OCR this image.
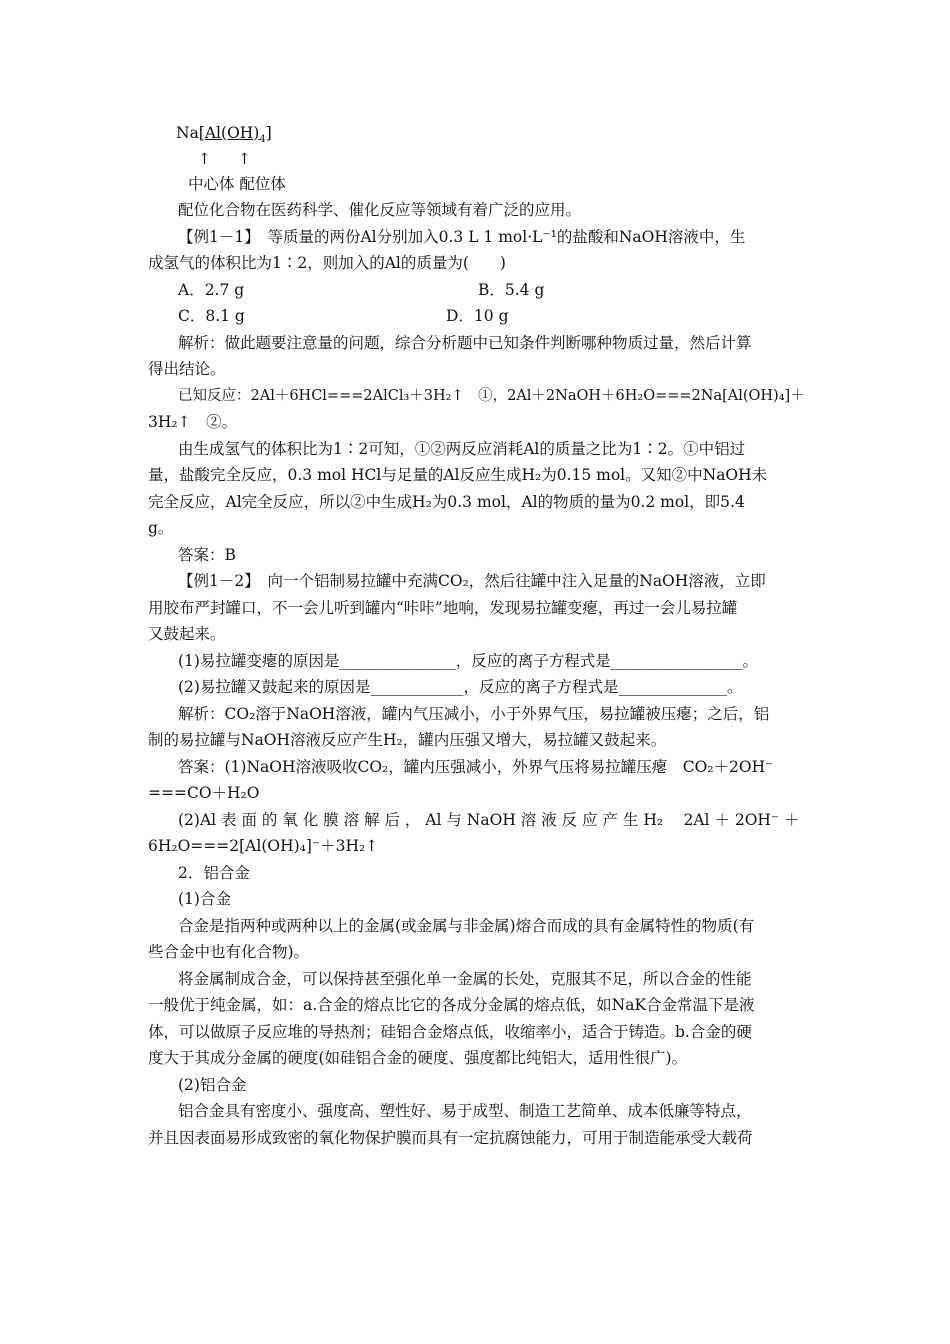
$Na[Al(OH)_4]$
↑ ↑
中心体 配位体
配位化合物在医药科学、催化反应等领域有着广泛的应用。
【例1－1】　等质量的两份Al分别加入0.3 L 1 mol·L⁻¹的盐酸和NaOH溶液中，生
成氢气的体积比为1∶2，则加入的Al的质量为(　　)
A．2.7 g	B．5.4 g
C．8.1 g	D．10 g
解析：做此题要注意量的问题，综合分析题中已知条件判断哪种物质过量，然后计算
得出结论。
已知反应：2Al＋6HCl===2AlCl₃＋3H₂↑　①，2Al＋2NaOH＋6H₂O===2Na[Al(OH)₄]＋
3H₂↑　②。
由生成氢气的体积比为1∶2可知，①②两反应消耗Al的质量之比为1∶2。①中铝过
量，盐酸完全反应，0.3 mol HCl与足量的Al反应生成H₂为0.15 mol。又知②中NaOH未
完全反应，Al完全反应，所以②中生成H₂为0.3 mol，Al的物质的量为0.2 mol，即5.4
g。
答案：B
【例1－2】　向一个铝制易拉罐中充满CO₂，然后往罐中注入足量的NaOH溶液，立即
用胶布严封罐口，不一会儿听到罐内“咔咔”地响，发现易拉罐变瘪，再过一会儿易拉罐
又鼓起来。
(1)易拉罐变瘪的原因是_______________，反应的离子方程式是_________________。
(2)易拉罐又鼓起来的原因是____________，反应的离子方程式是______________。
解析：CO₂溶于NaOH溶液，罐内气压减小，小于外界气压，易拉罐被压瘪；之后，铝
制的易拉罐与NaOH溶液反应产生H₂，罐内压强又增大，易拉罐又鼓起来。
答案：(1)NaOH溶液吸收CO₂，罐内压强减小，外界气压将易拉罐压瘪　CO₂＋2OH⁻
===CO＋H₂O
(2)Al 表 面 的 氧 化 膜 溶 解 后 ， Al 与 NaOH 溶 液 反 应 产 生 H₂　 2Al ＋ 2OH⁻ ＋
6H₂O===2[Al(OH)₄]⁻＋3H₂↑
2．铝合金
(1)合金
合金是指两种或两种以上的金属(或金属与非金属)熔合而成的具有金属特性的物质(有
些合金中也有化合物)。
将金属制成合金，可以保持甚至强化单一金属的长处，克服其不足，所以合金的性能
一般优于纯金属，如：a.合金的熔点比它的各成分金属的熔点低，如NaK合金常温下是液
体，可以做原子反应堆的导热剂；硅铝合金熔点低，收缩率小，适合于铸造。b.合金的硬
度大于其成分金属的硬度(如硅铝合金的硬度、强度都比纯铝大，适用性很广)。
(2)铝合金
铝合金具有密度小、强度高、塑性好、易于成型、制造工艺简单、成本低廉等特点，
并且因表面易形成致密的氧化物保护膜而具有一定抗腐蚀能力，可用于制造能承受大载荷
